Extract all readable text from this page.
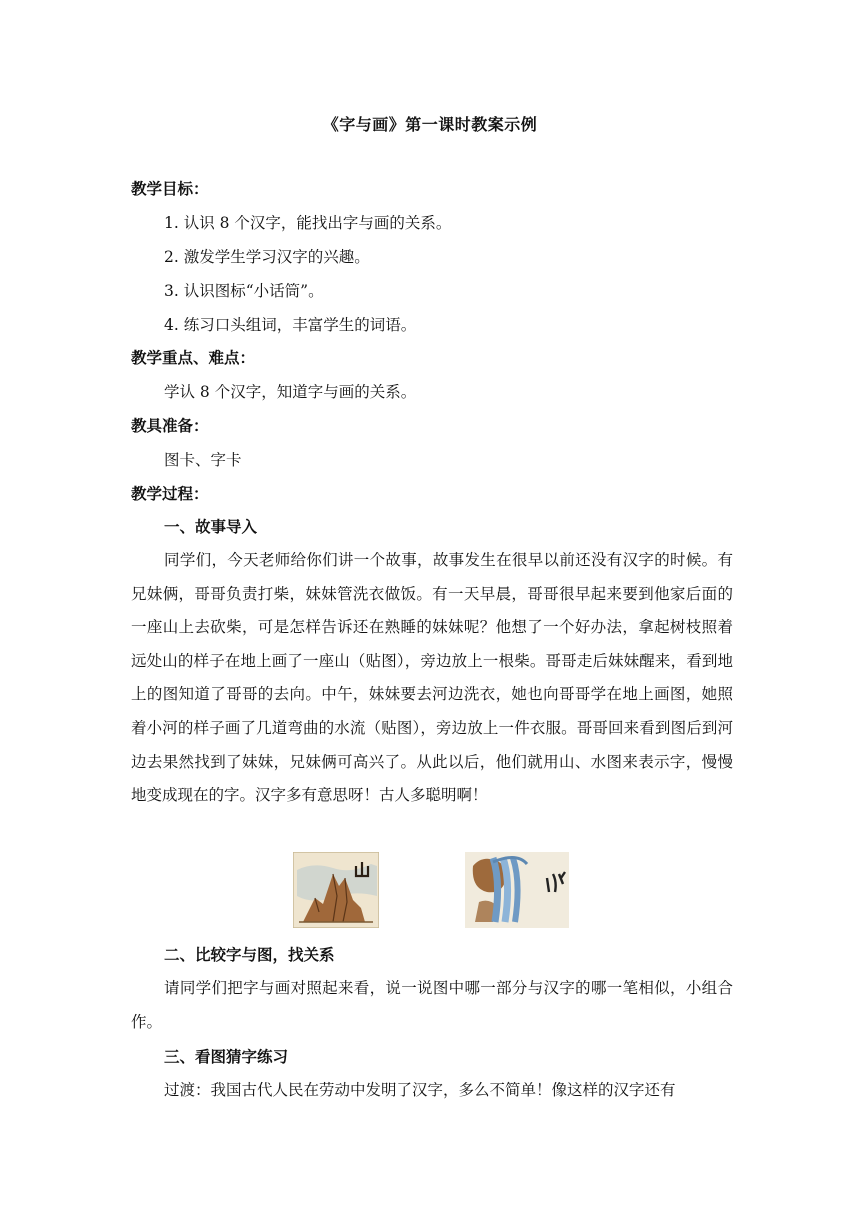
《字与画》第一课时教案示例
教学目标：
1. 认识 8 个汉字，能找出字与画的关系。
2. 激发学生学习汉字的兴趣。
3. 认识图标“小话筒”。
4. 练习口头组词，丰富学生的词语。
教学重点、难点：
学认 8 个汉字，知道字与画的关系。
教具准备：
图卡、字卡
教学过程：
一、故事导入
同学们，今天老师给你们讲一个故事，故事发生在很早以前还没有汉字的时候。有兄妹俩，哥哥负责打柴，妹妹管洗衣做饭。有一天早晨，哥哥很早起来要到他家后面的一座山上去砍柴，可是怎样告诉还在熟睡的妹妹呢？他想了一个好办法，拿起树枝照着远处山的样子在地上画了一座山（贴图），旁边放上一根柴。哥哥走后妹妹醒来，看到地上的图知道了哥哥的去向。中午，妹妹要去河边洗衣，她也向哥哥学在地上画图，她照着小河的样子画了几道弯曲的水流（贴图），旁边放上一件衣服。哥哥回来看到图后到河边去果然找到了妹妹，兄妹俩可高兴了。从此以后，他们就用山、水图来表示字，慢慢地变成现在的字。汉字多有意思呀！古人多聪明啊！
二、比较字与图，找关系
请同学们把字与画对照起来看，说一说图中哪一部分与汉字的哪一笔相似，小组合作。
三、看图猜字练习
过渡：我国古代人民在劳动中发明了汉字，多么不简单！像这样的汉字还有
